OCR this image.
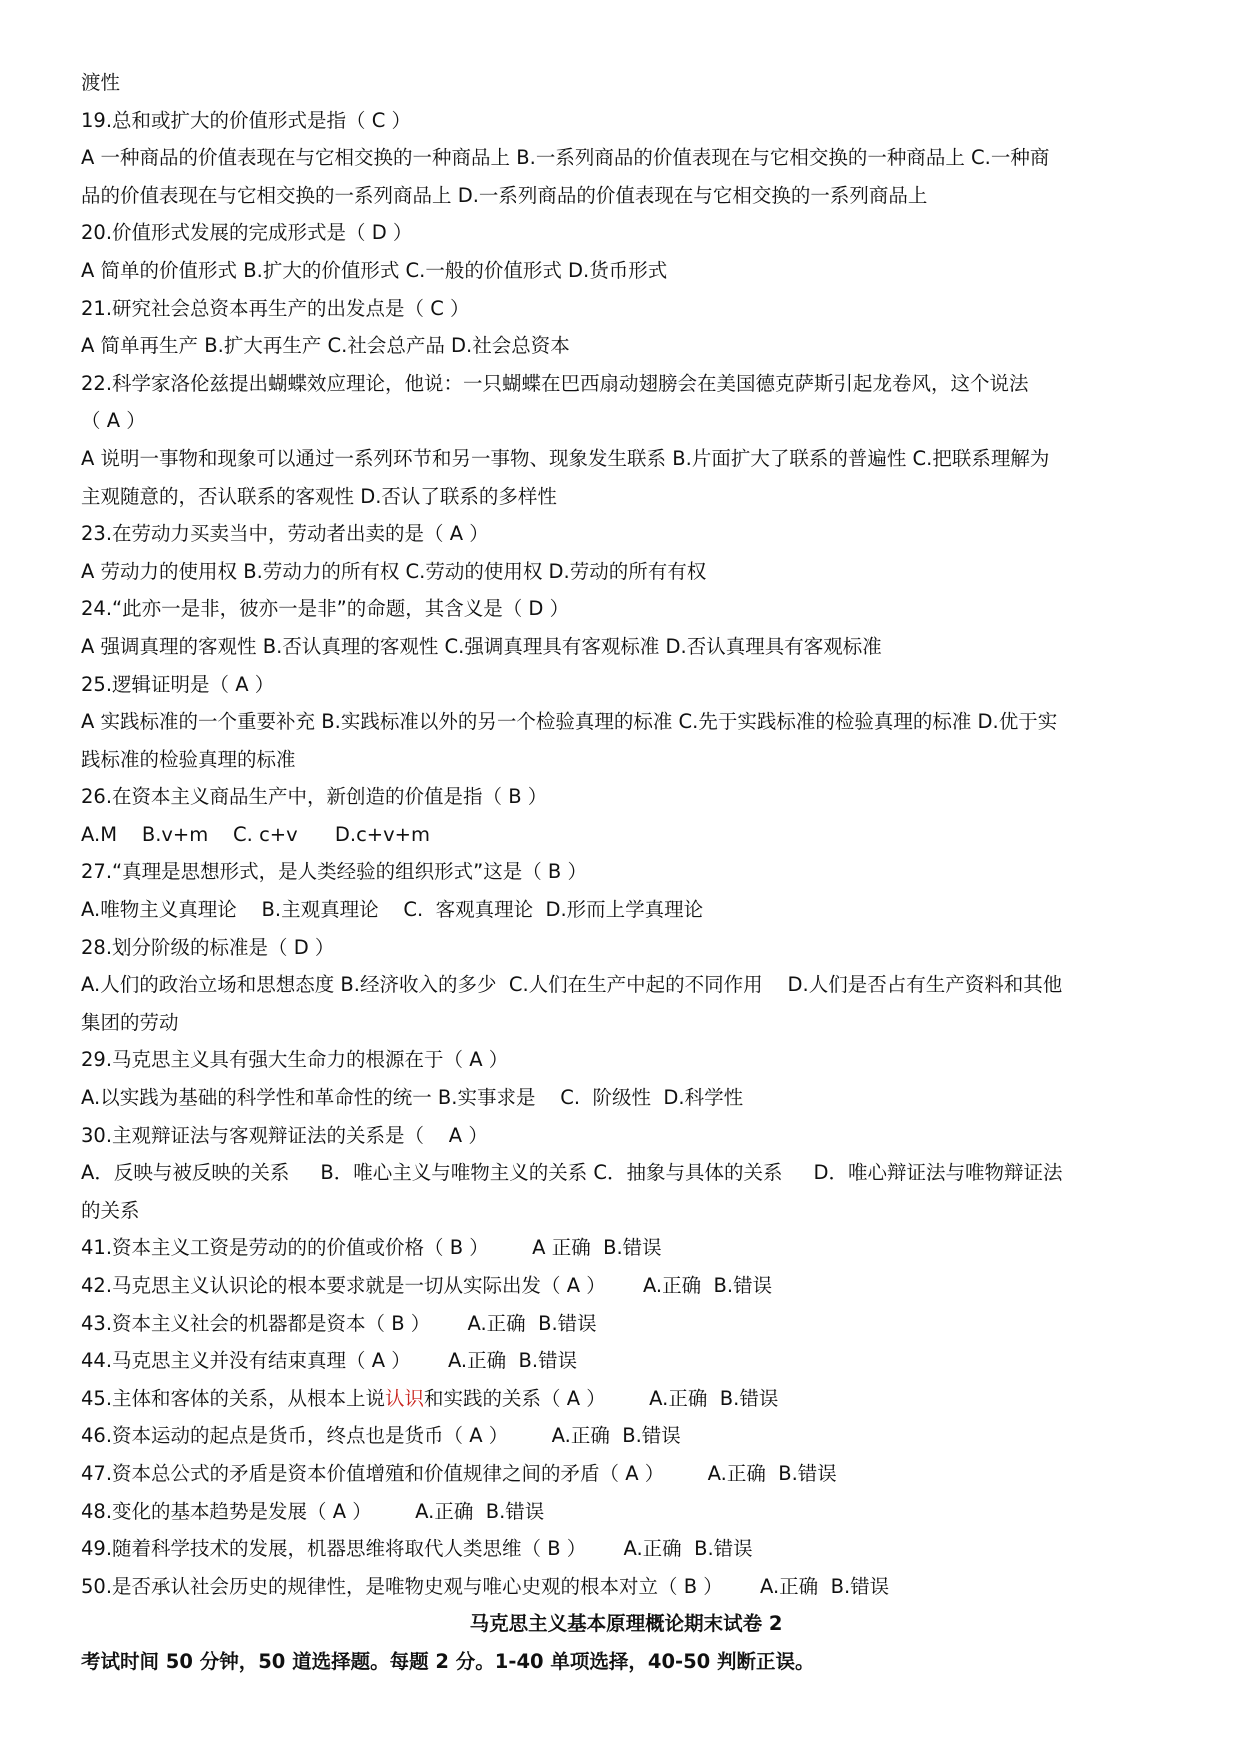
渡性
19.总和或扩大的价值形式是指（ C ）
A 一种商品的价值表现在与它相交换的一种商品上 B.一系列商品的价值表现在与它相交换的一种商品上 C.一种商
品的价值表现在与它相交换的一系列商品上 D.一系列商品的价值表现在与它相交换的一系列商品上
20.价值形式发展的完成形式是（ D ）
A 简单的价值形式 B.扩大的价值形式 C.一般的价值形式 D.货币形式
21.研究社会总资本再生产的出发点是（ C ）
A 简单再生产 B.扩大再生产 C.社会总产品 D.社会总资本
22.科学家洛伦兹提出蝴蝶效应理论，他说：一只蝴蝶在巴西扇动翅膀会在美国德克萨斯引起龙卷风，这个说法
（ A ）
A 说明一事物和现象可以通过一系列环节和另一事物、现象发生联系 B.片面扩大了联系的普遍性 C.把联系理解为
主观随意的，否认联系的客观性 D.否认了联系的多样性
23.在劳动力买卖当中，劳动者出卖的是（ A ）
A 劳动力的使用权 B.劳动力的所有权 C.劳动的使用权 D.劳动的所有有权
24.“此亦一是非，彼亦一是非”的命题，其含义是（ D ）
A 强调真理的客观性 B.否认真理的客观性 C.强调真理具有客观标准 D.否认真理具有客观标准
25.逻辑证明是（ A ）
A 实践标准的一个重要补充 B.实践标准以外的另一个检验真理的标准 C.先于实践标准的检验真理的标准 D.优于实
践标准的检验真理的标准
26.在资本主义商品生产中，新创造的价值是指（ B ）
A.M    B.v+m    C. c+v      D.c+v+m
27.“真理是思想形式，是人类经验的组织形式”这是（ B ）
A.唯物主义真理论    B.主观真理论    C.  客观真理论  D.形而上学真理论
28.划分阶级的标准是（ D ）
A.人们的政治立场和思想态度 B.经济收入的多少  C.人们在生产中起的不同作用    D.人们是否占有生产资料和其他
集团的劳动
29.马克思主义具有强大生命力的根源在于（ A ）
A.以实践为基础的科学性和革命性的统一 B.实事求是    C.  阶级性  D.科学性
30.主观辩证法与客观辩证法的关系是（    A ）
A．反映与被反映的关系     B．唯心主义与唯物主义的关系 C．抽象与具体的关系     D．唯心辩证法与唯物辩证法
的关系
41.资本主义工资是劳动的的价值或价格（ B ）       A 正确  B.错误
42.马克思主义认识论的根本要求就是一切从实际出发（ A ）      A.正确  B.错误
43.资本主义社会的机器都是资本（ B ）      A.正确  B.错误
44.马克思主义并没有结束真理（ A ）      A.正确  B.错误
45.主体和客体的关系，从根本上说认识和实践的关系（ A ）       A.正确  B.错误
46.资本运动的起点是货币，终点也是货币（ A ）       A.正确  B.错误
47.资本总公式的矛盾是资本价值增殖和价值规律之间的矛盾（ A ）       A.正确  B.错误
48.变化的基本趋势是发展（ A ）       A.正确  B.错误
49.随着科学技术的发展，机器思维将取代人类思维（ B ）      A.正确  B.错误
50.是否承认社会历史的规律性，是唯物史观与唯心史观的根本对立（ B ）      A.正确  B.错误
马克思主义基本原理概论期末试卷 2
考试时间 50 分钟，50 道选择题。每题 2 分。1-40 单项选择，40-50 判断正误。
